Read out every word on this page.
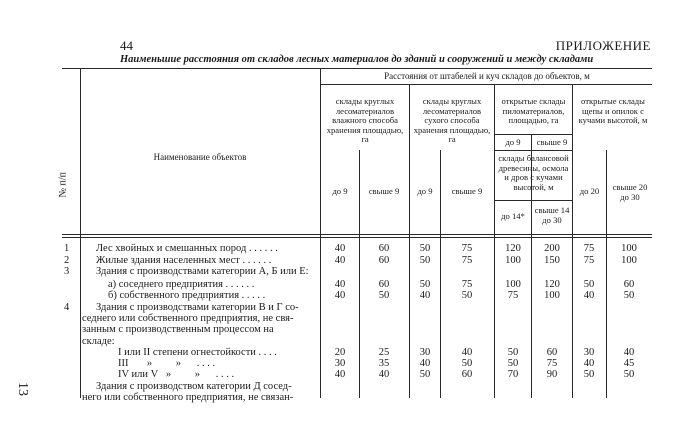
44	ПРИЛОЖЕНИЕ
Наименьшие расстояния от складов лесных материалов до зданий и сооружений и между складами
13
№ п/п
Наименование объектов
Расстояния от штабелей и куч складов до объектов, м
склады круглых лесоматериалов влажного способа хранения площадью, га
склады круглых лесоматериалов сухого способа хранения площадью, га
открытые склады пиломатериалов, площадью, га
открытые склады щепы и опилок с кучами высотой, м
до 9	свыше 9	до 9	свыше 9
до 9	свыше 9
склады балансовой древесины, осмола и дров с кучами высотой, м
до 14*
свыше 14 до 30
до 20	свыше 20 до 30
1	Лес хвойных и смешанных пород . . . . . .	40	60	50	75	120	200	75	100
2	Жилые здания населенных мест . . . . . .	40	60	50	75	100	150	75	100
3	Здания с производствами категории А, Б или Е:
а) соседнего предприятия . . . . . .	40	60	50	75	100	120	50	60
б) собственного предприятия . . . . .	40	50	40	50	75	100	40	50
4	Здания с производствами категории В и Г со-
седнего или собственного предприятия, не свя-
занным с производственным процессом на
складе:
I или II степени огнестойкости . . . .	20	25	30	40	50	60	30	40
III       »         »      . . . .	30	35	40	50	50	75	40	45
IV или V   »         »      . . . .	40	40	50	60	70	90	50	50
Здания с производством категории Д сосед-
него или собственного предприятия, не связан-
